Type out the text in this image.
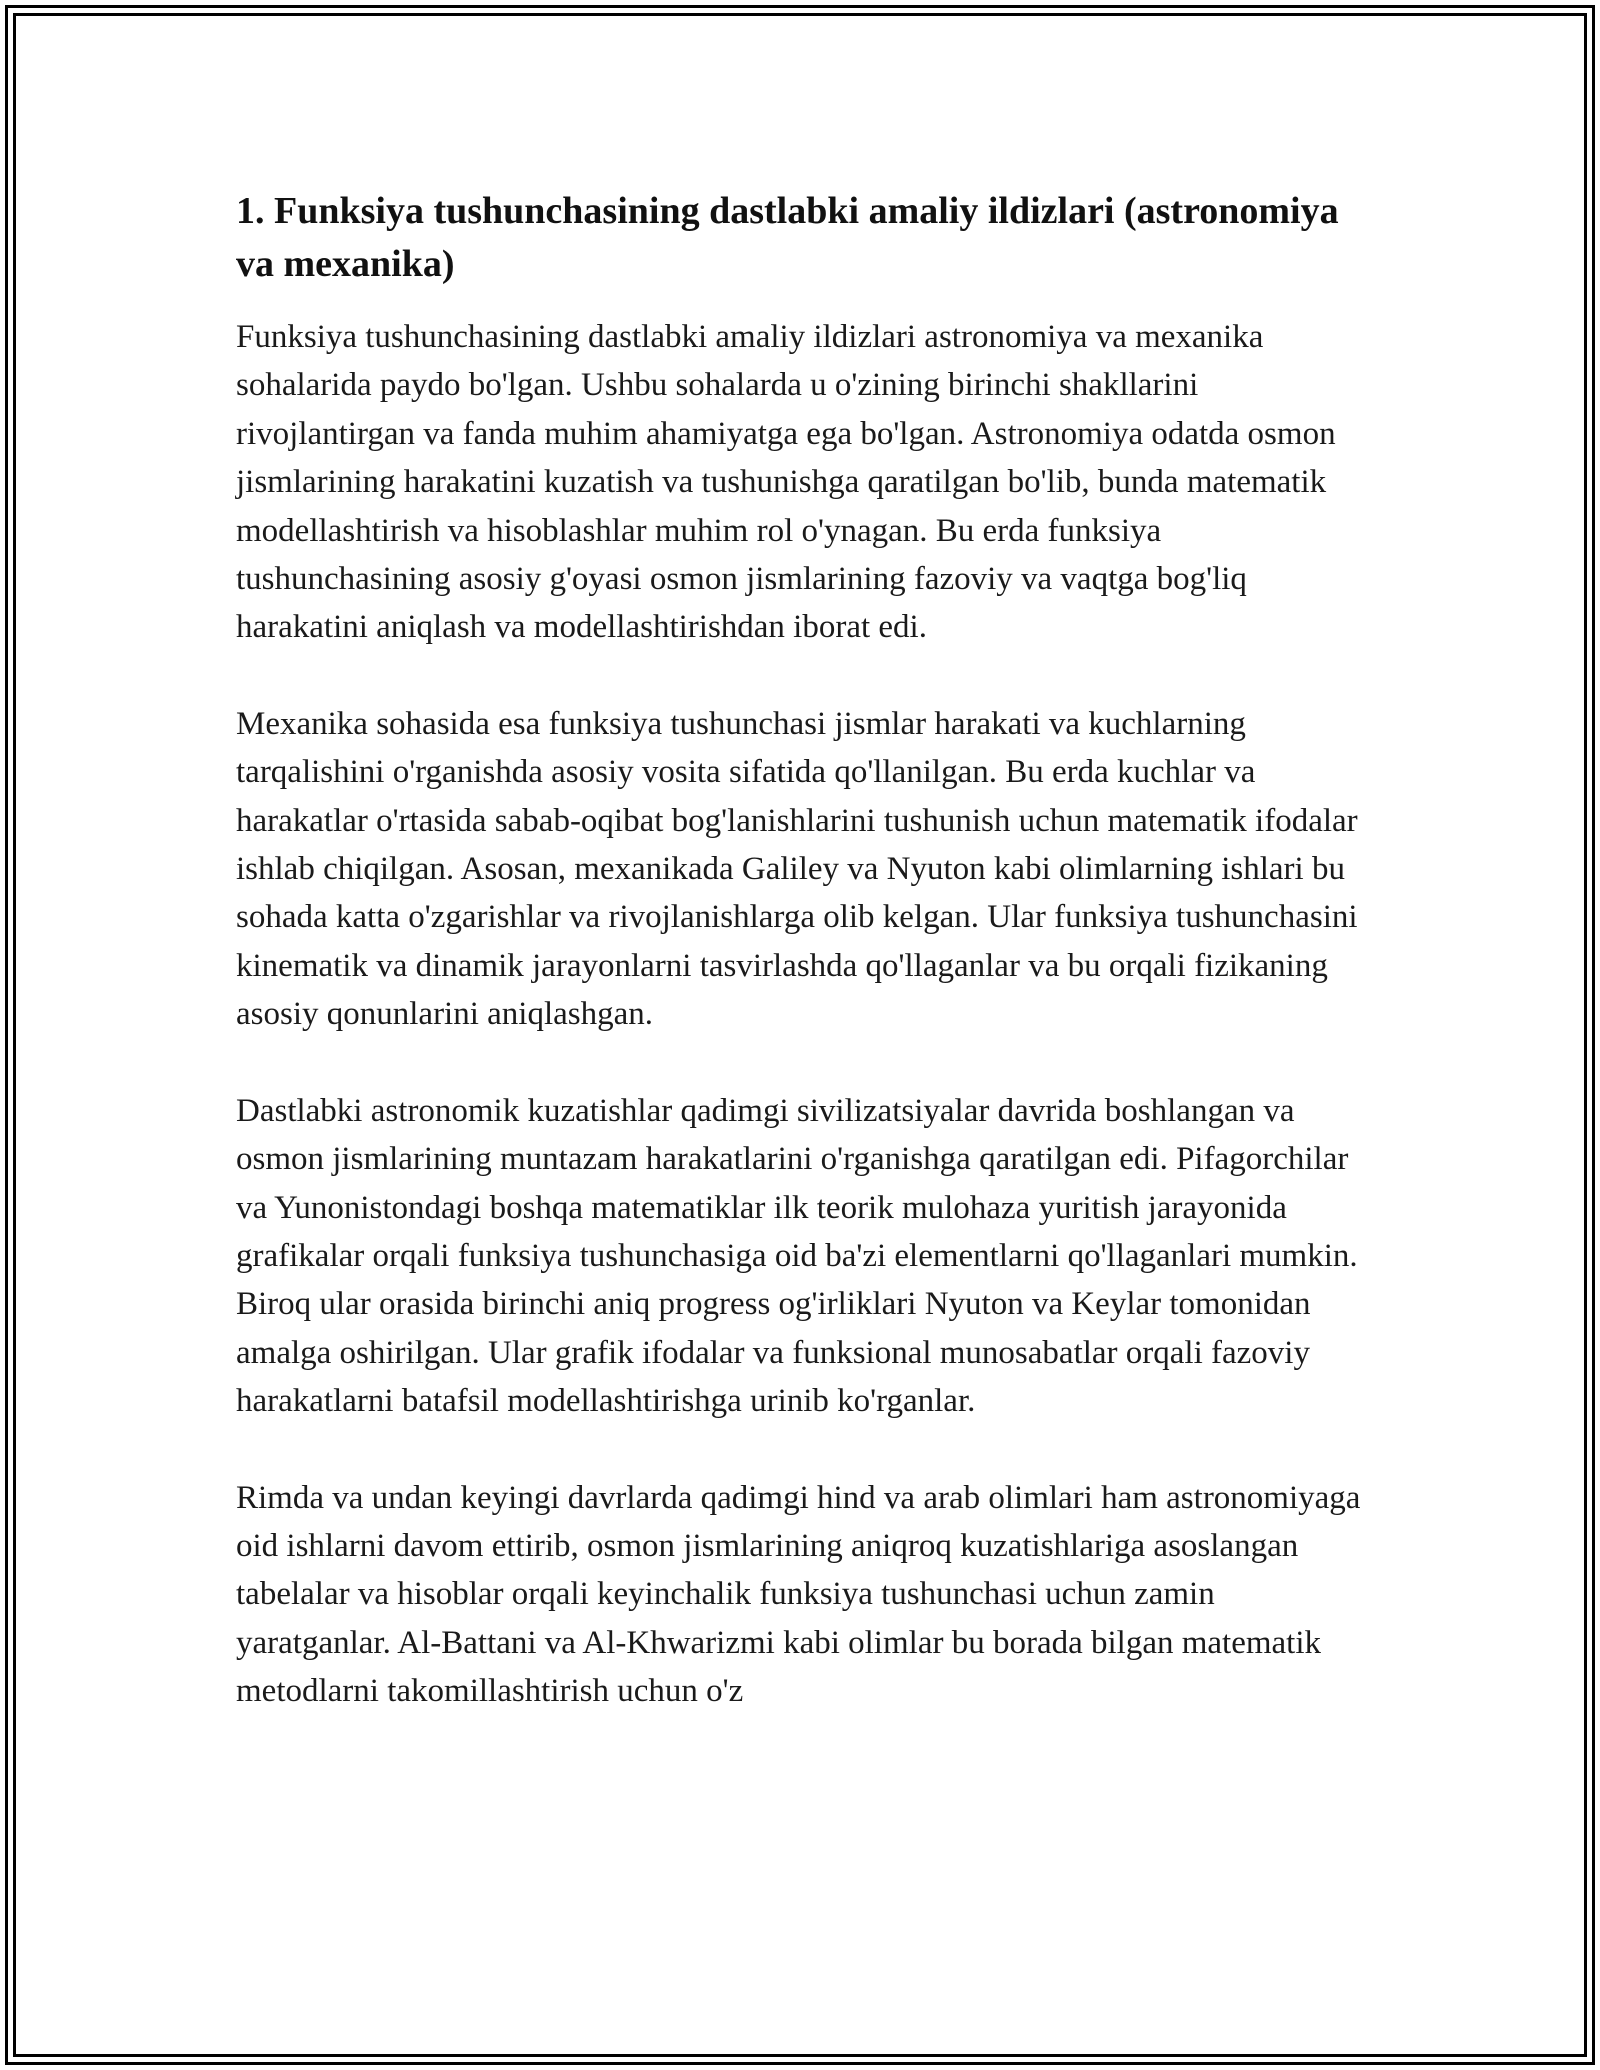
1. Funksiya tushunchasining dastlabki amaliy ildizlari (astronomiya va mexanika)

Funksiya tushunchasining dastlabki amaliy ildizlari astronomiya va mexanika sohalarida paydo bo'lgan. Ushbu sohalarda u o'zining birinchi shakllarini rivojlantirgan va fanda muhim ahamiyatga ega bo'lgan. Astronomiya odatda osmon jismlarining harakatini kuzatish va tushunishga qaratilgan bo'lib, bunda matematik modellashtirish va hisoblashlar muhim rol o'ynagan. Bu erda funksiya tushunchasining asosiy g'oyasi osmon jismlarining fazoviy va vaqtga bog'liq harakatini aniqlash va modellashtirishdan iborat edi.

Mexanika sohasida esa funksiya tushunchasi jismlar harakati va kuchlarning tarqalishini o'rganishda asosiy vosita sifatida qo'llanilgan. Bu erda kuchlar va harakatlar o'rtasida sabab-oqibat bog'lanishlarini tushunish uchun matematik ifodalar ishlab chiqilgan. Asosan, mexanikada Galiley va Nyuton kabi olimlarning ishlari bu sohada katta o'zgarishlar va rivojlanishlarga olib kelgan. Ular funksiya tushunchasini kinematik va dinamik jarayonlarni tasvirlashda qo'llaganlar va bu orqali fizikaning asosiy qonunlarini aniqlashgan.

Dastlabki astronomik kuzatishlar qadimgi sivilizatsiyalar davrida boshlangan va osmon jismlarining muntazam harakatlarini o'rganishga qaratilgan edi. Pifagorchilar va Yunonistondagi boshqa matematiklar ilk teorik mulohaza yuritish jarayonida grafikalar orqali funksiya tushunchasiga oid ba'zi elementlarni qo'llaganlari mumkin. Biroq ular orasida birinchi aniq progress og'irliklari Nyuton va Keylar tomonidan amalga oshirilgan. Ular grafik ifodalar va funksional munosabatlar orqali fazoviy harakatlarni batafsil modellashtirishga urinib ko'rganlar.

Rimda va undan keyingi davrlarda qadimgi hind va arab olimlari ham astronomiyaga oid ishlarni davom ettirib, osmon jismlarining aniqroq kuzatishlariga asoslangan tabelalar va hisoblar orqali keyinchalik funksiya tushunchasi uchun zamin yaratganlar. Al-Battani va Al-Khwarizmi kabi olimlar bu borada bilgan matematik metodlarni takomillashtirish uchun o'z
